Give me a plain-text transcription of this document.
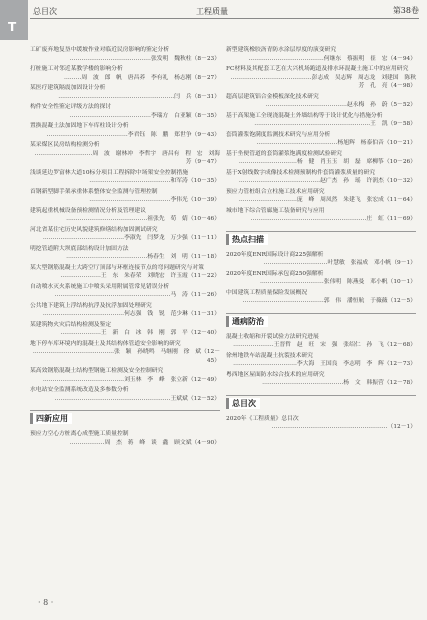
T
总目次	工程质量	第38卷
工矿废弃地复垦中缓坡作业对临近民房影响的鉴定分析
……………………………………张发明　魏秋柱（8－23）
打桩施工对邻近某教学楼的影响分析
………周　波　郎　帆　唐昌养　李有礼　杨志刚（8－27）
某医疗建筑隔震加固设计分析
……………………………………………………闫　兵（8－31）
构件安全性鉴定评级方法的探讨
……………………………………李瑞方　白亚颖（8－35）
置换混凝土法加固地下车库柱设计分析
……………………………………李君钰　陈　鹏　郑世争（9－43）
某采煤区民房结构检测分析
…………………………周　波　谢林冲　李哲宇　唐昌有　程　宏　刘海芳（9－47）
浅谈延边罗富林大道10标分项目工程拆除中场架安全控制措施
……………………………………和军涛（10－35）
首钢新型脚手架承重体系整体安全监测与管理控制
……………………………………李伟光（10－39）
建筑起重机械设备预检测情况分析及管理建议
……………………………………祖张先　荀　婧（10－46）
河北省某住宅历史风貌建筑修缮结构加固测试研究
……………………………………李淑先　闫梦龙　万少强（11－11）
明挖管道附大坝底部结构设计加固方法
……………………………………杨春生　刘　明（11－18）
某大型钢筋混凝土大跨空厅顶部与环框连接节点的弯问题研究与对策
…………………王　东　朱春荣　刘晓宏　许玉霞（11－22）
自动喷水灭火系统施工中喷头采用附属管常见错误分析
……………………………………………………马　涛（11－26）
公共地下建筑上浮结构抗浮及抗浮加固处理研究
……………………………………何志强　钱　锐　范少琳（11－31）
某建筑物火灾后结构检测及鉴定
…………………王　新　白　冰　韩　刚　郭　平（12－40）
地下停车库环境内的混凝土及其结构体管道安全影响的研究
……………………………………张　颖　孙晓鸣　马继刚　徐　斌（12－45）
某高效钢筋混凝土结构型钢施工检测及安全控制研究
……………………………………刘玉林　李　峰　张立新（12－49）
水电站安全监测系统改造及多参数分析
……………………………………………………王斌斌（12－52）
四新应用
预应力空心方桩离心成型施工质量控制
………………周　杰　蒋　峰　谈　鑫　顾文斌（4－90）
新型建筑橡胶沥青防水涂层厚度的演变研究
…………………………………何继东　蔡振明　崔　宏（4－94）
FC材料及其配套工艺在大兴机场跑道及排水环混凝土施工中的应用研究
……………………………………彭志成　吴志辉　周志龙　刘建国　陈秋芳　孔　亮（4－98）
超高层建筑铝合金模板深化技术研究
……………………………………赵永梅　孙　蔚（5－52）
基于高架施工全现浇混凝土外墙结构等于设计优化与措施分析
……………………………………………………王　凯（9－58）
套筒灌浆饱满度监测技术研究与应用分析
……………………………………杨旭辉　杨泰伯音（10－21）
基于坐便管道的套筒灌浆饱满度检测试验研究
…………………………杨　健　肖玉玉　胡　磊　席柳筝（10－26）
基于X射线数字成像技术检测预制构件套筒灌浆质量的研究
……………………………………赵广杰　孙　瑶　许润杰（10－32）
预应力管桩组合立柱施工技术应用研究
…………………………庞　峰　周凤然　朱建飞　张宏成（11－64）
城市地下综合管廊施工装备研究与应用
……………………………………………………庄　虹（11－69）
热点扫描
2020年度ENR国际设计商225强解析
……………………………叶慧敏　张福成　邓小帆（9－1）
2020年度ENR国际承包商250强解析
……………………………张伟明　陈燕曼　邓小帆（10－1）
中国建筑工程质量保险发展概况
……………………………………郭　伟　潘恒航　于薇薇（12－5）
通病防治
混凝土收缩和开裂试验方法研究进展
…………………王晋哲　赵　旺　宋　强　张绍仁　孙　飞（12－68）
徐州地铁车站混凝土抗裂技术研究
……………………………李大海　王国良　李志明　李　辉（12－73）
粤西地区屋面防水综合技术的应用研究
……………………………………杨　文　韩振营（12－78）
总目次
2020年《工程质量》总目次
……………………………………………………（12－1）
· 8 ·
